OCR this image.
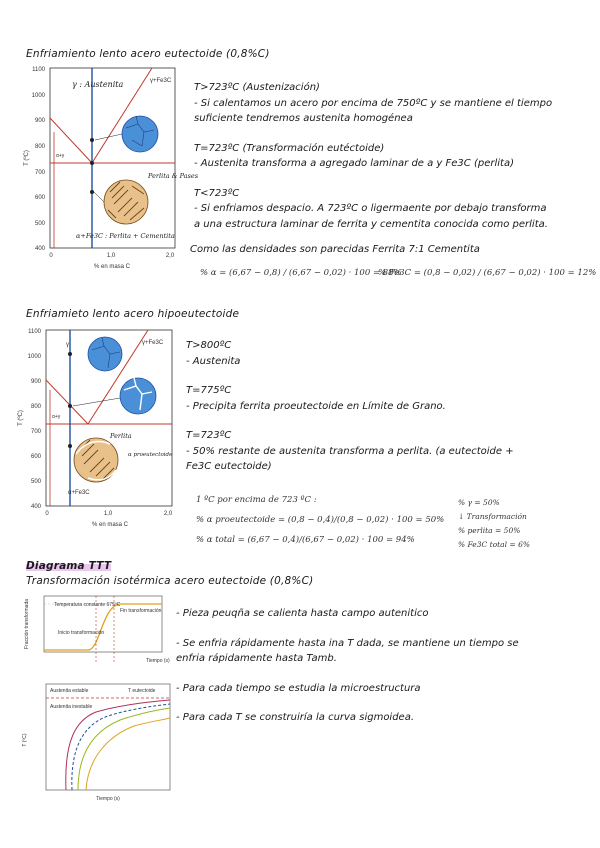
Enfriamiento lento acero eutectoide (0,8%C)
1100
1000
900
800
700
600
500
400
0	1,0	2,0
% en masa C
T (ºC)
γ : Austenita	γ+Fe3C
α+γ
Perlita & Pases
α+Fe3C : Perlita + Cementita
T>723ºC (Austenización)
- Si calentamos un acero por encima de 750ºC y se mantiene el tiempo
suficiente tendremos austenita homogénea
T=723ºC (Transformación eutéctoide)
- Austenita transforma a agregado laminar de a y Fe3C (perlita)
T<723ºC
- Si enfriamos despacio. A 723ºC o ligermaente por debajo transforma
a una estructura laminar de ferrita y cementita conocida como perlita.
Como las densidades son parecidas Ferrita 7:1 Cementita
% α = (6,67 − 0,8) / (6,67 − 0,02) · 100 = 88%
% Fe3C = (0,8 − 0,02) / (6,67 − 0,02) · 100 = 12%
Enfriamieto lento acero hipoeutectoide
1100
1000
900
800
700
600
500
400
0	1,0	2,0
% en masa C
T (ºC)
γ	γ+Fe3C
α+γ
Perlita
α proeutectoide
α+Fe3C
T>800ºC
- Austenita
T=775ºC
- Precipita ferrita proeutectoide en Límite de Grano.
T=723ºC
- 50% restante de austenita transforma a perlita. (a eutectoide +
Fe3C eutectoide)
1 ºC por encima de 723 ºC :
% α proeutectoide = (0,8 − 0,4)/(0,8 − 0,02) · 100 = 50%
% α total = (6,67 − 0,4)/(6,67 − 0,02) · 100 = 94%
% γ = 50%
↓ Transformación
% perlita = 50%
% Fe3C total = 6%
Diagrama TTT
Transformación isotérmica acero eutectoide (0,8%C)
Fracción transformada
Tiempo (s)
Temperatura constante 675ºC
Fin transformación
Inicio transformación
T (ºC)
Tiempo (s)
Austenita estable
Austenita inestable
T eutectoide
- Pieza peuqña se calienta hasta campo autenitico
- Se enfria rápidamente hasta ina T dada, se mantiene un tiempo se
enfria rápidamente hasta Tamb.
- Para cada tiempo se estudia la microestructura
- Para cada T se construiría la curva sigmoidea.
